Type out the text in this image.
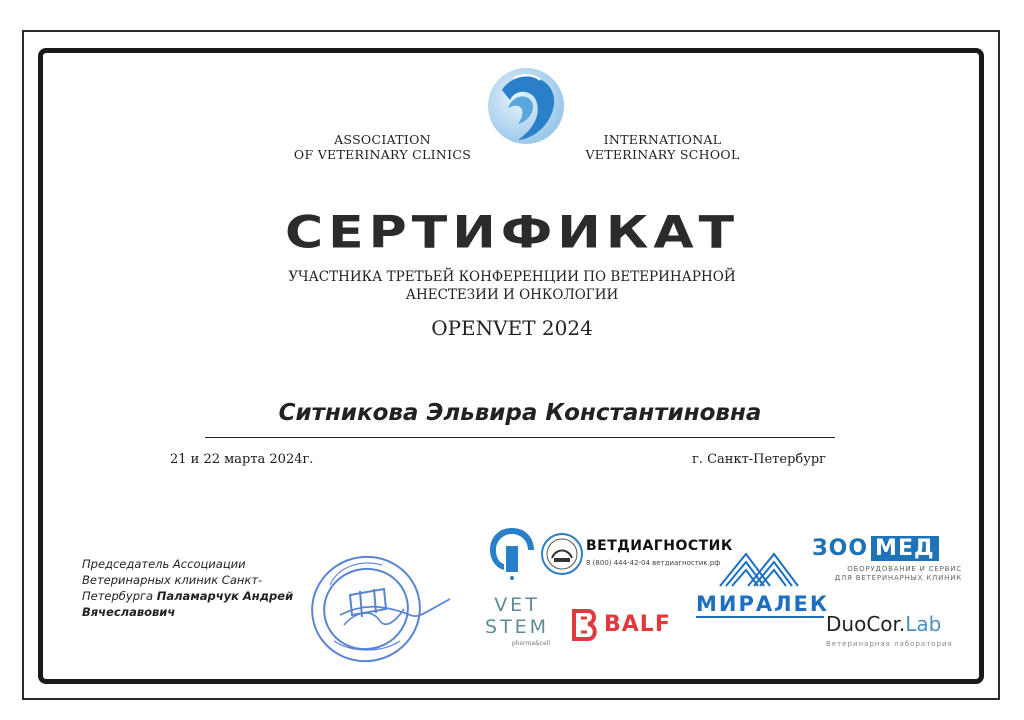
ASSOCIATION
OF VETERINARY CLINICS
INTERNATIONAL
VETERINARY SCHOOL
СЕРТИФИКАТ
УЧАСТНИКА ТРЕТЬЕЙ КОНФЕРЕНЦИИ ПО ВЕТЕРИНАРНОЙ
АНЕСТЕЗИИ И ОНКОЛОГИИ
OPENVET 2024
Ситникова Эльвира Константиновна
21 и 22 марта 2024г.	г. Санкт-Петербург
Председатель Ассоциации
Ветеринарных клиник Санкт-
Петербурга Паламарчук Андрей
Вячеславович
ВЕТДИАГНОСТИК
8 (800) 444-42-04 ветдиагностик.рф
ЗОО МЕД
ОБОРУДОВАНИЕ И СЕРВИС
ДЛЯ ВЕТЕРИНАРНЫХ КЛИНИК
МИРАЛЕК
VET
STEM
pharma&cell
BALF	DuoCor.Lab
Ветеринарная лаборатория
